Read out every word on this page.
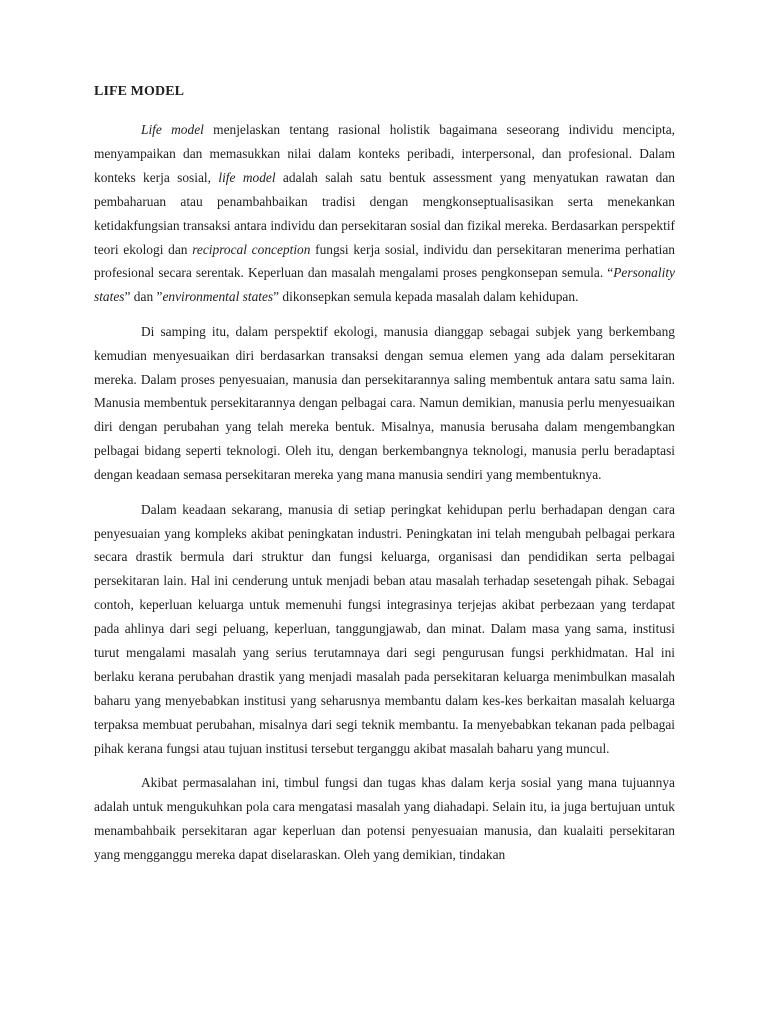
LIFE MODEL

Life model menjelaskan tentang rasional holistik bagaimana seseorang individu mencipta, menyampaikan dan memasukkan nilai dalam konteks peribadi, interpersonal, dan profesional. Dalam konteks kerja sosial, life model adalah salah satu bentuk assessment yang menyatukan rawatan dan pembaharuan atau penambahbaikan tradisi dengan mengkonseptualisasikan serta menekankan ketidakfungsian transaksi antara individu dan persekitaran sosial dan fizikal mereka. Berdasarkan perspektif teori ekologi dan reciprocal conception fungsi kerja sosial, individu dan persekitaran menerima perhatian profesional secara serentak. Keperluan dan masalah mengalami proses pengkonsepan semula. “Personality states” dan ”environmental states” dikonsepkan semula kepada masalah dalam kehidupan.

Di samping itu, dalam perspektif ekologi, manusia dianggap sebagai subjek yang berkembang kemudian menyesuaikan diri berdasarkan transaksi dengan semua elemen yang ada dalam persekitaran mereka. Dalam proses penyesuaian, manusia dan persekitarannya saling membentuk antara satu sama lain. Manusia membentuk persekitarannya dengan pelbagai cara. Namun demikian, manusia perlu menyesuaikan diri dengan perubahan yang telah mereka bentuk. Misalnya, manusia berusaha dalam mengembangkan pelbagai bidang seperti teknologi. Oleh itu, dengan berkembangnya teknologi, manusia perlu beradaptasi dengan keadaan semasa persekitaran mereka yang mana manusia sendiri yang membentuknya.

Dalam keadaan sekarang, manusia di setiap peringkat kehidupan perlu berhadapan dengan cara penyesuaian yang kompleks akibat peningkatan industri. Peningkatan ini telah mengubah pelbagai perkara secara drastik bermula dari struktur dan fungsi keluarga, organisasi dan pendidikan serta pelbagai persekitaran lain. Hal ini cenderung untuk menjadi beban atau masalah terhadap sesetengah pihak. Sebagai contoh, keperluan keluarga untuk memenuhi fungsi integrasinya terjejas akibat perbezaan yang terdapat pada ahlinya dari segi peluang, keperluan, tanggungjawab, dan minat. Dalam masa yang sama, institusi turut mengalami masalah yang serius terutamnaya dari segi pengurusan fungsi perkhidmatan. Hal ini berlaku kerana perubahan drastik yang menjadi masalah pada persekitaran keluarga menimbulkan masalah baharu yang menyebabkan institusi yang seharusnya membantu dalam kes-kes berkaitan masalah keluarga terpaksa membuat perubahan, misalnya dari segi teknik membantu. Ia menyebabkan tekanan pada pelbagai pihak kerana fungsi atau tujuan institusi tersebut terganggu akibat masalah baharu yang muncul.

Akibat permasalahan ini, timbul fungsi dan tugas khas dalam kerja sosial yang mana tujuannya adalah untuk mengukuhkan pola cara mengatasi masalah yang diahadapi. Selain itu, ia juga bertujuan untuk menambahbaik persekitaran agar keperluan dan potensi penyesuaian manusia, dan kualaiti persekitaran yang mengganggu mereka dapat diselaraskan. Oleh yang demikian, tindakan
